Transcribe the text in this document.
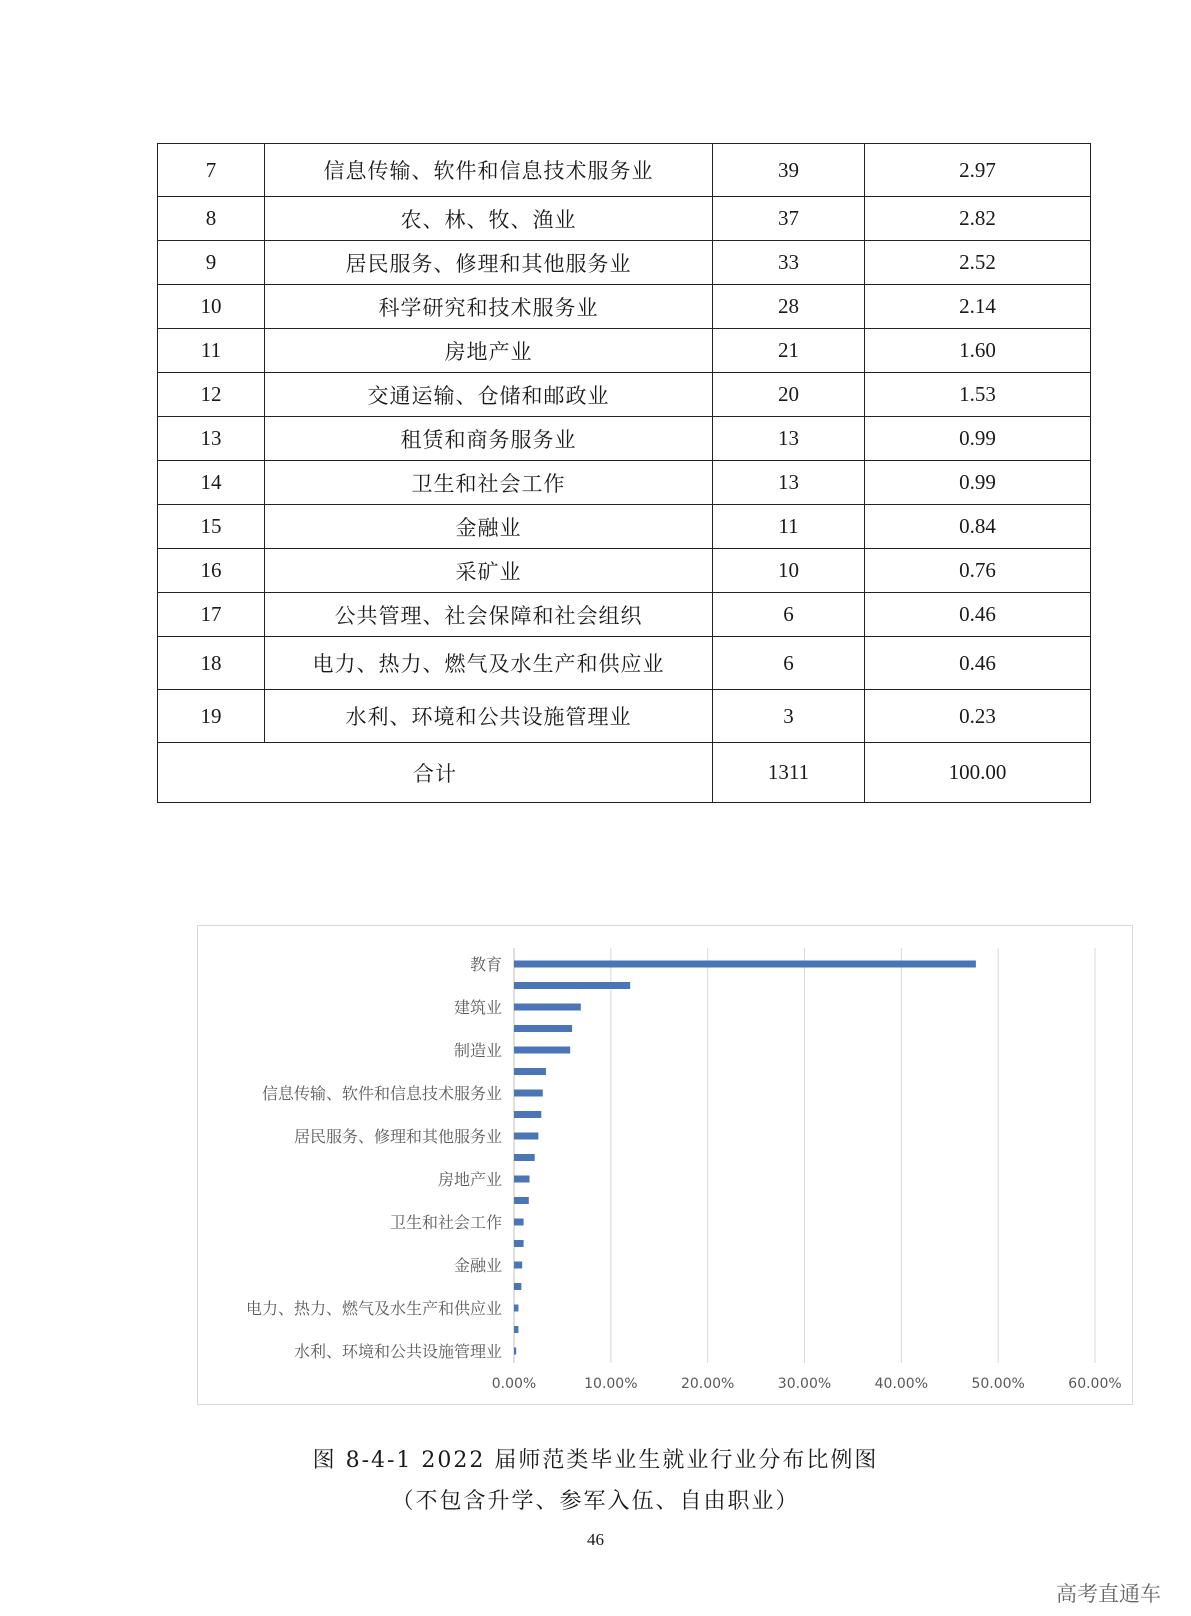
7	信息传输、软件和信息技术服务业	39	2.97
8	农、林、牧、渔业	37	2.82
9	居民服务、修理和其他服务业	33	2.52
10	科学研究和技术服务业	28	2.14
11	房地产业	21	1.60
12	交通运输、仓储和邮政业	20	1.53
13	租赁和商务服务业	13	0.99
14	卫生和社会工作	13	0.99
15	金融业	11	0.84
16	采矿业	10	0.76
17	公共管理、社会保障和社会组织	6	0.46
18	电力、热力、燃气及水生产和供应业	6	0.46
19	水利、环境和公共设施管理业	3	0.23
合计		1311	100.00
0.00%	10.00%	20.00%	30.00%	40.00%	50.00%	60.00%
教育
建筑业
制造业
信息传输、软件和信息技术服务业
居民服务、修理和其他服务业
房地产业
卫生和社会工作
金融业
电力、热力、燃气及水生产和供应业
水利、环境和公共设施管理业
图 8-4-1 2022 届师范类毕业生就业行业分布比例图
（不包含升学、参军入伍、自由职业）
46
高考直通车
